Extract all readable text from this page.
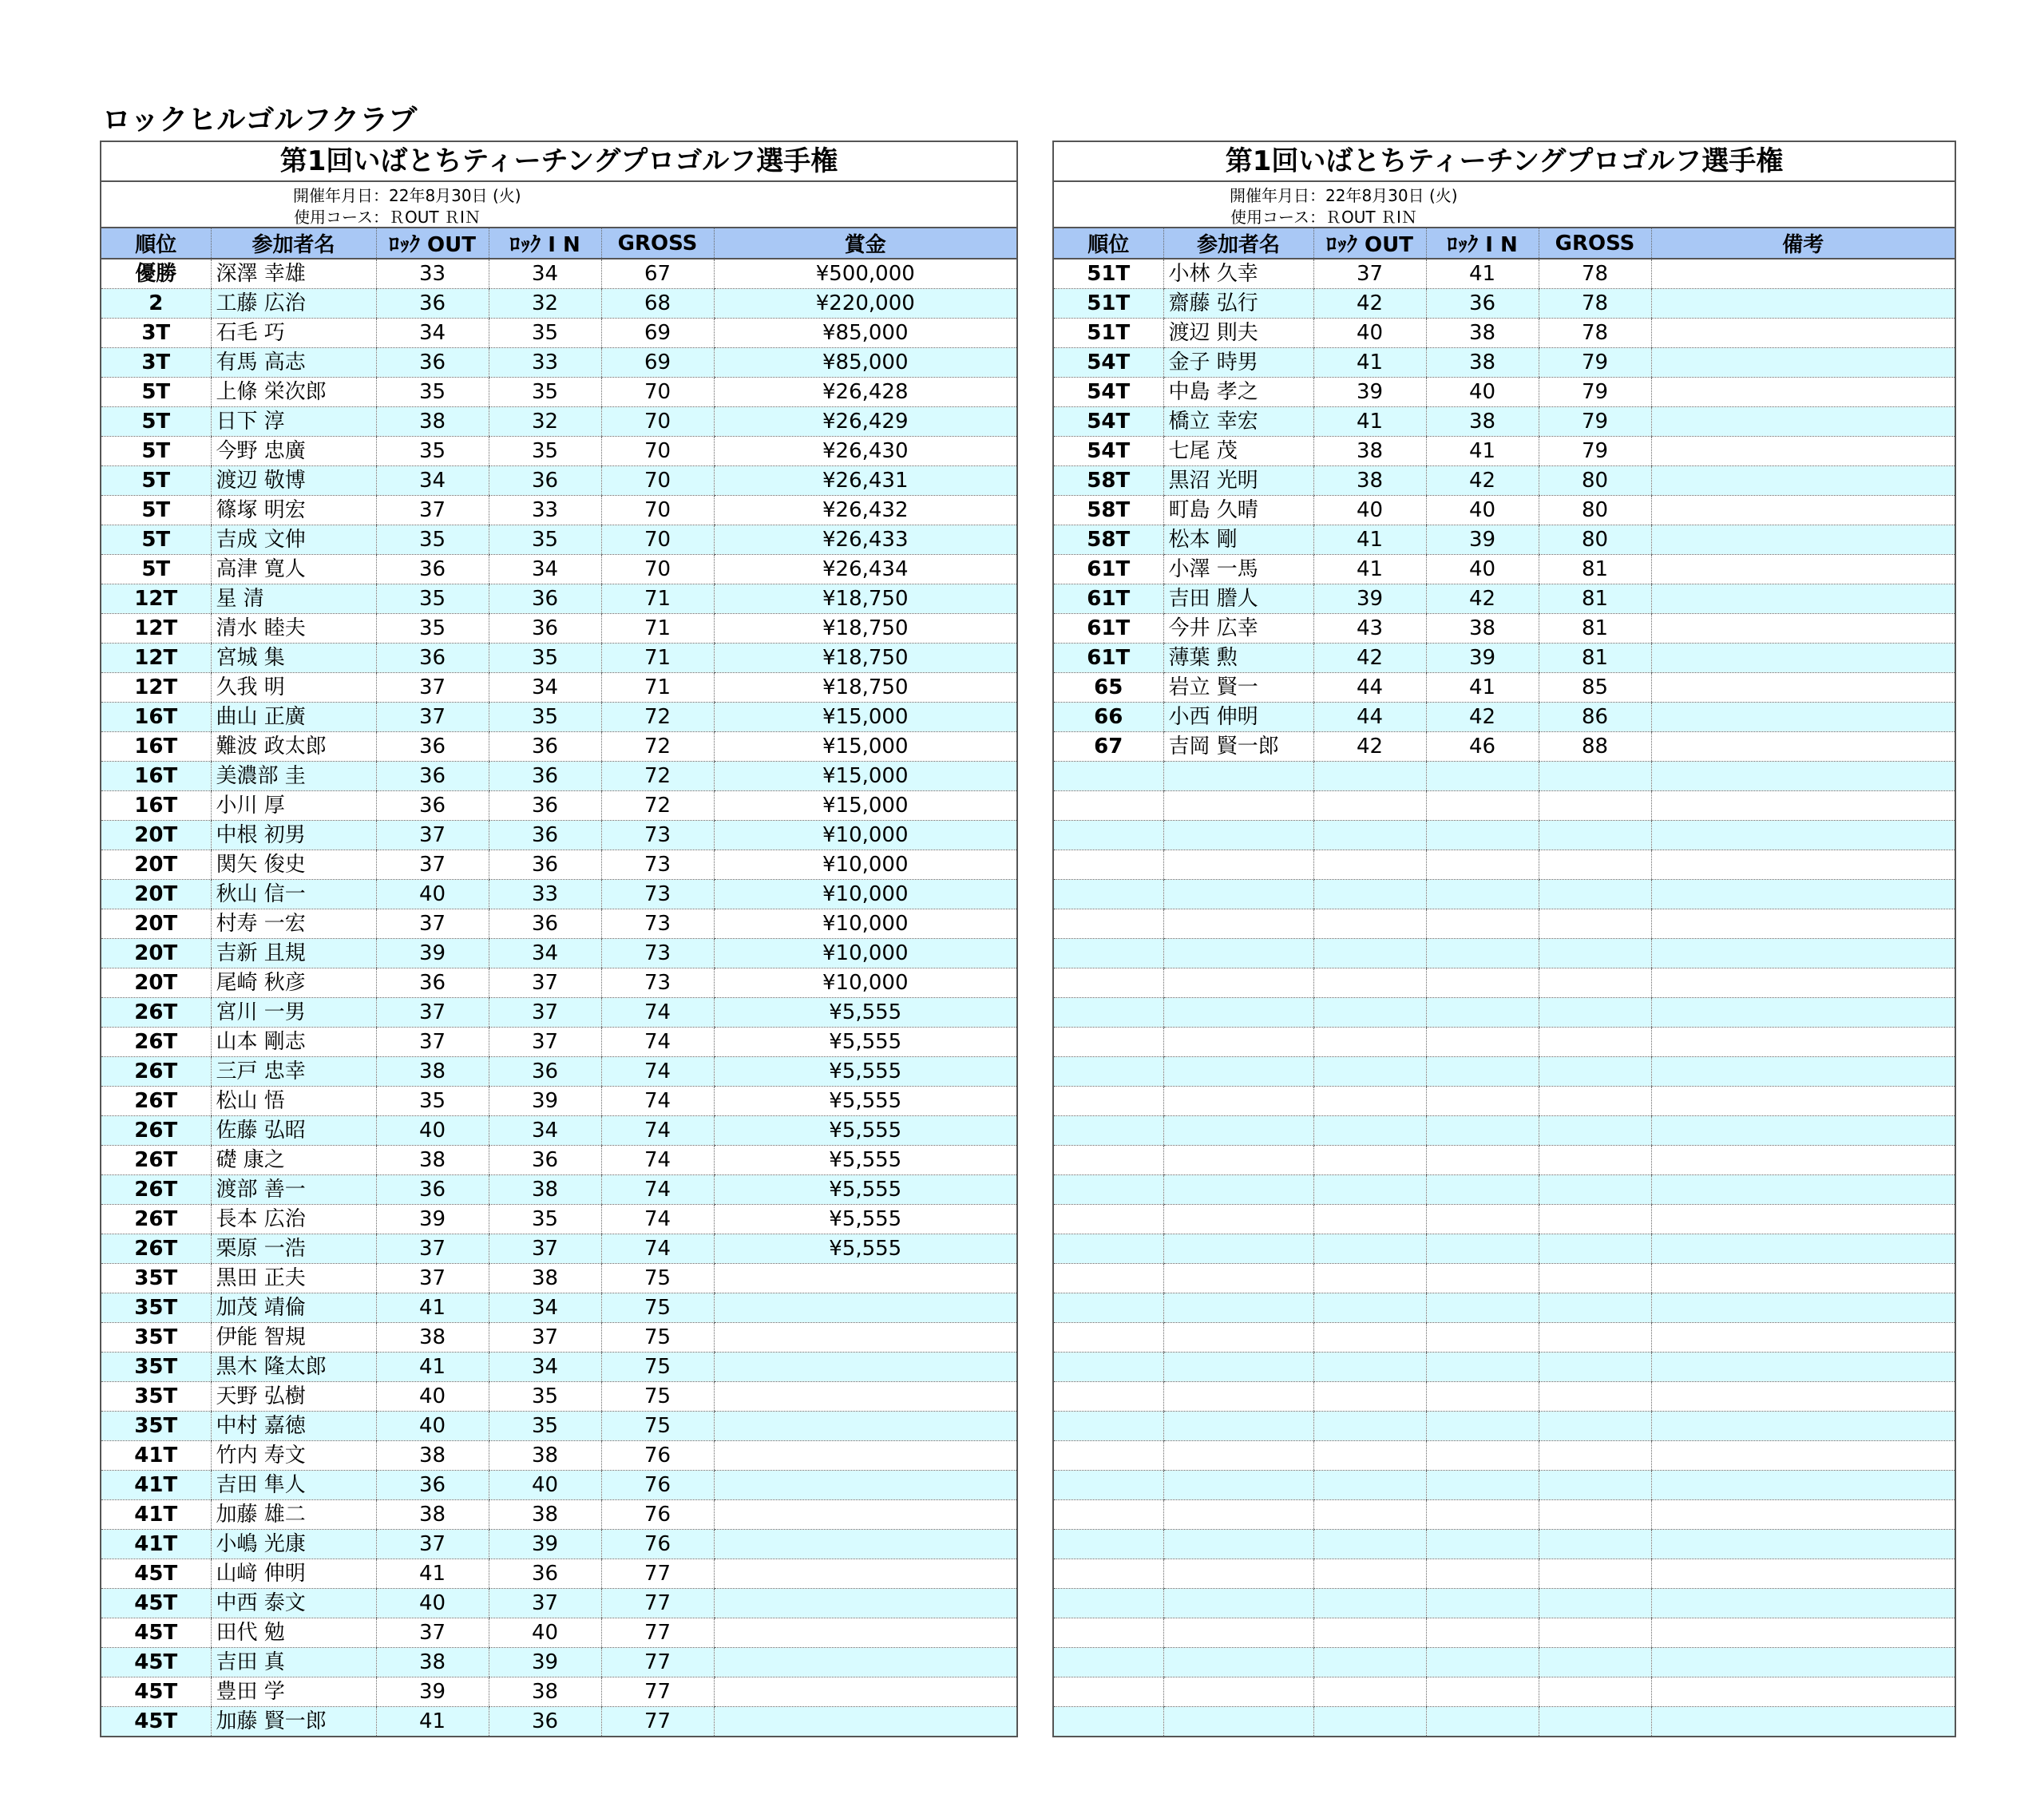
ロックヒルゴルフクラブ
第1回いばとちティーチングプロゴルフ選手権
開催年月日： 22年8月30日 (火)
使用コース： ＲOUT ＲIＮ
順位	参加者名	ﾛｯｸ OUT	ﾛｯｸ I N	GROSS	賞金
優勝	深澤 幸雄	33	34	67	¥500,000
2	工藤 広治	36	32	68	¥220,000
3T	石毛 巧	34	35	69	¥85,000
3T	有馬 高志	36	33	69	¥85,000
5T	上條 栄次郎	35	35	70	¥26,428
5T	日下 淳	38	32	70	¥26,429
5T	今野 忠廣	35	35	70	¥26,430
5T	渡辺 敬博	34	36	70	¥26,431
5T	篠塚 明宏	37	33	70	¥26,432
5T	吉成 文伸	35	35	70	¥26,433
5T	高津 寛人	36	34	70	¥26,434
12T	星 清	35	36	71	¥18,750
12T	清水 睦夫	35	36	71	¥18,750
12T	宮城 集	36	35	71	¥18,750
12T	久我 明	37	34	71	¥18,750
16T	曲山 正廣	37	35	72	¥15,000
16T	難波 政太郎	36	36	72	¥15,000
16T	美濃部 圭	36	36	72	¥15,000
16T	小川 厚	36	36	72	¥15,000
20T	中根 初男	37	36	73	¥10,000
20T	関矢 俊史	37	36	73	¥10,000
20T	秋山 信一	40	33	73	¥10,000
20T	村寿 一宏	37	36	73	¥10,000
20T	吉新 且規	39	34	73	¥10,000
20T	尾崎 秋彦	36	37	73	¥10,000
26T	宮川 一男	37	37	74	¥5,555
26T	山本 剛志	37	37	74	¥5,555
26T	三戸 忠幸	38	36	74	¥5,555
26T	松山 悟	35	39	74	¥5,555
26T	佐藤 弘昭	40	34	74	¥5,555
26T	礎 康之	38	36	74	¥5,555
26T	渡部 善一	36	38	74	¥5,555
26T	長本 広治	39	35	74	¥5,555
26T	栗原 一浩	37	37	74	¥5,555
35T	黒田 正夫	37	38	75	
35T	加茂 靖倫	41	34	75	
35T	伊能 智規	38	37	75	
35T	黒木 隆太郎	41	34	75	
35T	天野 弘樹	40	35	75	
35T	中村 嘉徳	40	35	75	
41T	竹内 寿文	38	38	76	
41T	吉田 隼人	36	40	76	
41T	加藤 雄二	38	38	76	
41T	小嶋 光康	37	39	76	
45T	山﨑 伸明	41	36	77	
45T	中西 泰文	40	37	77	
45T	田代 勉	37	40	77	
45T	吉田 真	38	39	77	
45T	豊田 学	39	38	77	
45T	加藤 賢一郎	41	36	77	
第1回いばとちティーチングプロゴルフ選手権
開催年月日： 22年8月30日 (火)
使用コース： ＲOUT ＲIＮ
順位	参加者名	ﾛｯｸ OUT	ﾛｯｸ I N	GROSS	備考
51T	小林 久幸	37	41	78	
51T	齋藤 弘行	42	36	78	
51T	渡辺 則夫	40	38	78	
54T	金子 時男	41	38	79	
54T	中島 孝之	39	40	79	
54T	橋立 幸宏	41	38	79	
54T	七尾 茂	38	41	79	
58T	黒沼 光明	38	42	80	
58T	町島 久晴	40	40	80	
58T	松本 剛	41	39	80	
61T	小澤 一馬	41	40	81	
61T	吉田 謄人	39	42	81	
61T	今井 広幸	43	38	81	
61T	薄葉 勲	42	39	81	
65	岩立 賢一	44	41	85	
66	小西 伸明	44	42	86	
67	吉岡 賢一郎	42	46	88	
